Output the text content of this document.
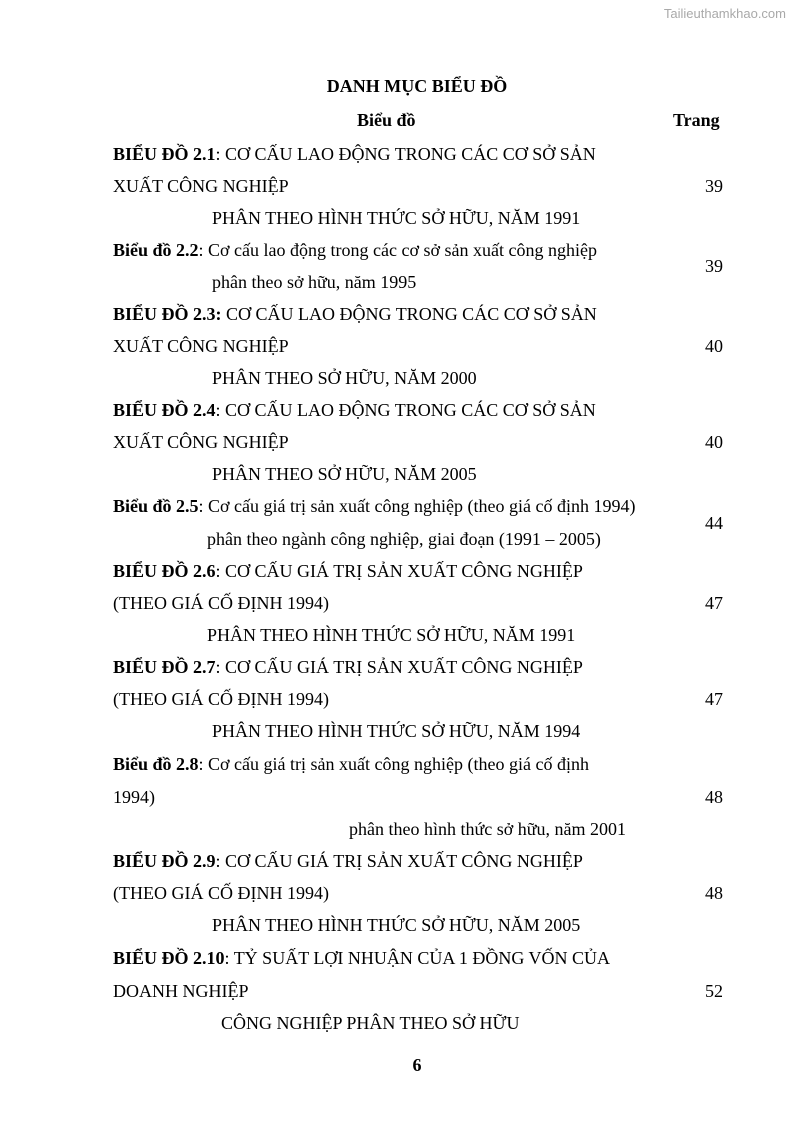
Tailieuthamkhao.com
DANH MỤC BIỂU ĐỒ
Biểu đồ	Trang
BIỂU ĐỒ 2.1: CƠ CẤU LAO ĐỘNG TRONG CÁC CƠ SỞ SẢN
XUẤT CÔNG NGHIỆP	39
PHÂN THEO HÌNH THỨC SỞ HỮU, NĂM 1991
Biểu đồ 2.2: Cơ cấu lao động trong các cơ sở sản xuất công nghiệp
phân theo sở hữu, năm 1995
39
BIỂU ĐỒ 2.3: CƠ CẤU LAO ĐỘNG TRONG CÁC CƠ SỞ SẢN
XUẤT CÔNG NGHIỆP	40
PHÂN THEO SỞ HỮU, NĂM 2000
BIỂU ĐỒ 2.4: CƠ CẤU LAO ĐỘNG TRONG CÁC CƠ SỞ SẢN
XUẤT CÔNG NGHIỆP	40
PHÂN THEO SỞ HỮU, NĂM 2005
Biểu đồ 2.5: Cơ cấu giá trị sản xuất công nghiệp (theo giá cố định 1994)
phân theo ngành công nghiệp, giai đoạn (1991 – 2005)
44
BIỂU ĐỒ 2.6: CƠ CẤU GIÁ TRỊ SẢN XUẤT CÔNG NGHIỆP
(THEO GIÁ CỐ ĐỊNH 1994)	47
PHÂN THEO HÌNH THỨC SỞ HỮU, NĂM 1991
BIỂU ĐỒ 2.7: CƠ CẤU GIÁ TRỊ SẢN XUẤT CÔNG NGHIỆP
(THEO GIÁ CỐ ĐỊNH 1994)	47
PHÂN THEO HÌNH THỨC SỞ HỮU, NĂM 1994
Biểu đồ 2.8: Cơ cấu giá trị sản xuất công nghiệp (theo giá cố định
1994)	48
phân theo hình thức sở hữu, năm 2001
BIỂU ĐỒ 2.9: CƠ CẤU GIÁ TRỊ SẢN XUẤT CÔNG NGHIỆP
(THEO GIÁ CỐ ĐỊNH 1994)	48
PHÂN THEO HÌNH THỨC SỞ HỮU, NĂM 2005
BIỂU ĐỒ 2.10: TỶ SUẤT LỢI NHUẬN CỦA 1 ĐỒNG VỐN CỦA
DOANH NGHIỆP	52
CÔNG NGHIỆP PHÂN THEO SỞ HỮU
6
